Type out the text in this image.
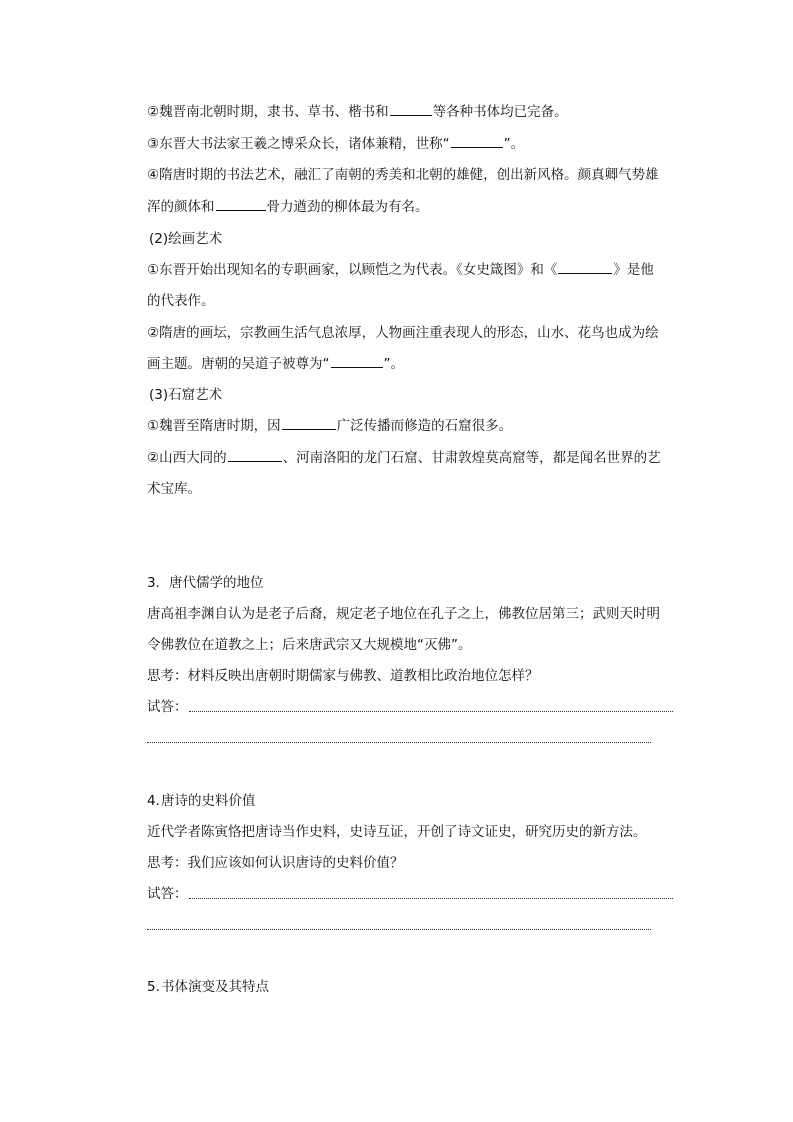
②魏晋南北朝时期，隶书、草书、楷书和	等各种书体均已完备。
③东晋大书法家王羲之博采众长，诸体兼精，世称“	”。
④隋唐时期的书法艺术，融汇了南朝的秀美和北朝的雄健，创出新风格。颜真卿气势雄
浑的颜体和	骨力遒劲的柳体最为有名。
(2)绘画艺术
①东晋开始出现知名的专职画家，以顾恺之为代表。《女史箴图》和《	》是他
的代表作。
②隋唐的画坛，宗教画生活气息浓厚，人物画注重表现人的形态，山水、花鸟也成为绘
画主题。唐朝的吴道子被尊为“	”。
(3)石窟艺术
①魏晋至隋唐时期，因	广泛传播而修造的石窟很多。
②山西大同的	、河南洛阳的龙门石窟、甘肃敦煌莫高窟等，都是闻名世界的艺
术宝库。
3. 唐代儒学的地位
唐高祖李渊自认为是老子后裔，规定老子地位在孔子之上，佛教位居第三；武则天时明
令佛教位在道教之上；后来唐武宗又大规模地“灭佛”。
思考：材料反映出唐朝时期儒家与佛教、道教相比政治地位怎样？
试答：
4.唐诗的史料价值
近代学者陈寅恪把唐诗当作史料，史诗互证，开创了诗文证史，研究历史的新方法。
思考：我们应该如何认识唐诗的史料价值？
试答：
5.书体演变及其特点
